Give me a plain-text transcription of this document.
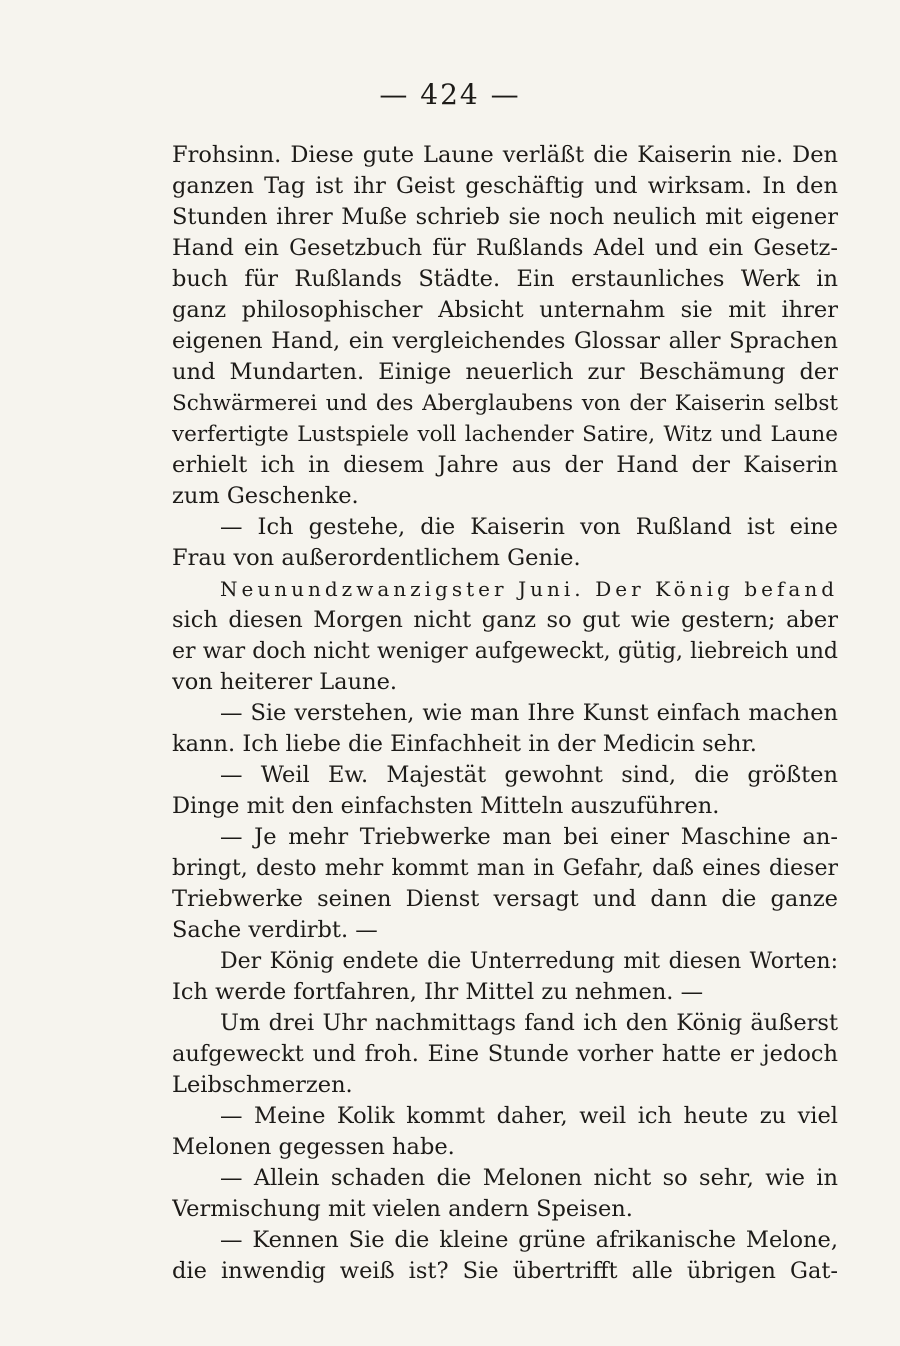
— 424 —
Frohsinn. Diese gute Laune verläßt die Kaiserin nie. Den
ganzen Tag ist ihr Geist geschäftig und wirksam. In den
Stunden ihrer Muße schrieb sie noch neulich mit eigener
Hand ein Gesetzbuch für Rußlands Adel und ein Gesetz-
buch für Rußlands Städte. Ein erstaunliches Werk in
ganz philosophischer Absicht unternahm sie mit ihrer
eigenen Hand, ein vergleichendes Glossar aller Sprachen
und Mundarten. Einige neuerlich zur Beschämung der
Schwärmerei und des Aberglaubens von der Kaiserin selbst
verfertigte Lustspiele voll lachender Satire, Witz und Laune
erhielt ich in diesem Jahre aus der Hand der Kaiserin
zum Geschenke.
— Ich gestehe, die Kaiserin von Rußland ist eine
Frau von außerordentlichem Genie.
Neunundzwanzigster Juni. Der König befand
sich diesen Morgen nicht ganz so gut wie gestern; aber
er war doch nicht weniger aufgeweckt, gütig, liebreich und
von heiterer Laune.
— Sie verstehen, wie man Ihre Kunst einfach machen
kann. Ich liebe die Einfachheit in der Medicin sehr.
— Weil Ew. Majestät gewohnt sind, die größten
Dinge mit den einfachsten Mitteln auszuführen.
— Je mehr Triebwerke man bei einer Maschine an-
bringt, desto mehr kommt man in Gefahr, daß eines dieser
Triebwerke seinen Dienst versagt und dann die ganze
Sache verdirbt. —
Der König endete die Unterredung mit diesen Worten:
Ich werde fortfahren, Ihr Mittel zu nehmen. —
Um drei Uhr nachmittags fand ich den König äußerst
aufgeweckt und froh. Eine Stunde vorher hatte er jedoch
Leibschmerzen.
— Meine Kolik kommt daher, weil ich heute zu viel
Melonen gegessen habe.
— Allein schaden die Melonen nicht so sehr, wie in
Vermischung mit vielen andern Speisen.
— Kennen Sie die kleine grüne afrikanische Melone,
die inwendig weiß ist? Sie übertrifft alle übrigen Gat-
